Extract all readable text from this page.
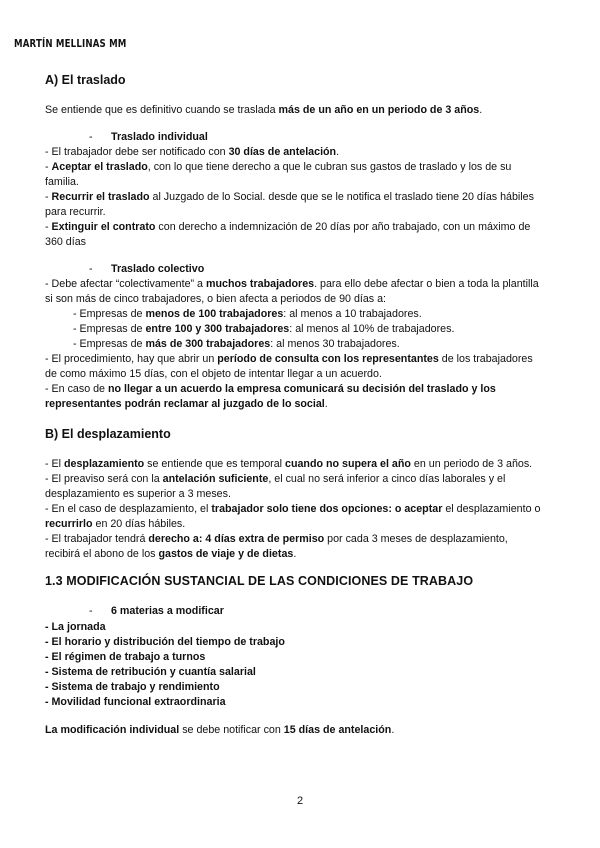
MARTÍN MELLINAS MM
A) El traslado
Se entiende que es definitivo cuando se traslada más de un año en un periodo de 3 años.
- Traslado individual
- El trabajador debe ser notificado con 30 días de antelación.
- Aceptar el traslado, con lo que tiene derecho a que le cubran sus gastos de traslado y los de su
familia.
- Recurrir el traslado al Juzgado de lo Social. desde que se le notifica el traslado tiene 20 días hábiles
para recurrir.
- Extinguir el contrato con derecho a indemnización de 20 días por año trabajado, con un máximo de
360 días
- Traslado colectivo
- Debe afectar “colectivamente” a muchos trabajadores. para ello debe afectar o bien a toda la plantilla
si son más de cinco trabajadores, o bien afecta a periodos de 90 días a:
- Empresas de menos de 100 trabajadores: al menos a 10 trabajadores.
- Empresas de entre 100 y 300 trabajadores: al menos al 10% de trabajadores.
- Empresas de más de 300 trabajadores: al menos 30 trabajadores.
- El procedimiento, hay que abrir un período de consulta con los representantes de los trabajadores
de como máximo 15 días, con el objeto de intentar llegar a un acuerdo.
- En caso de no llegar a un acuerdo la empresa comunicará su decisión del traslado y los
representantes podrán reclamar al juzgado de lo social.
B) El desplazamiento
- El desplazamiento se entiende que es temporal cuando no supera el año en un periodo de 3 años.
- El preaviso será con la antelación suficiente, el cual no será inferior a cinco días laborales y el
desplazamiento es superior a 3 meses.
- En el caso de desplazamiento, el trabajador solo tiene dos opciones: o aceptar el desplazamiento o
recurrirlo en 20 días hábiles.
- El trabajador tendrá derecho a: 4 días extra de permiso por cada 3 meses de desplazamiento,
recibirá el abono de los gastos de viaje y de dietas.
1.3 MODIFICACIÓN SUSTANCIAL DE LAS CONDICIONES DE TRABAJO
- 6 materias a modificar
- La jornada
- El horario y distribución del tiempo de trabajo
- El régimen de trabajo a turnos
- Sistema de retribución y cuantía salarial
- Sistema de trabajo y rendimiento
- Movilidad funcional extraordinaria
La modificación individual se debe notificar con 15 días de antelación.
2
